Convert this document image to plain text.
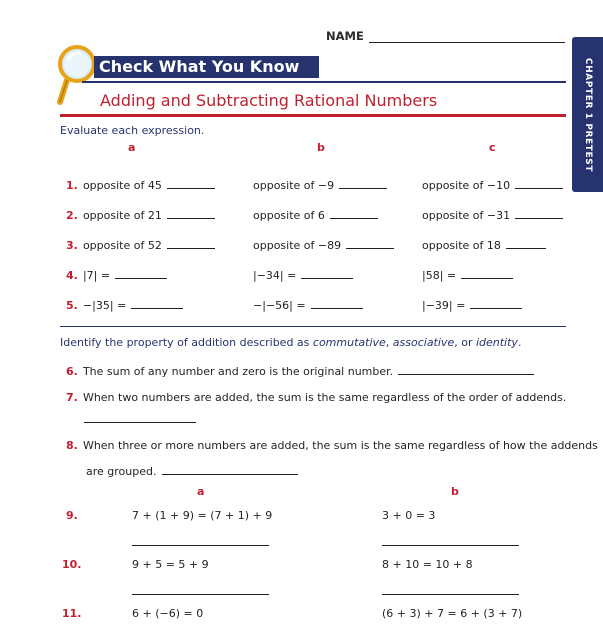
NAME
CHAPTER 1 PRETEST
Check What You Know
Adding and Subtracting Rational Numbers
Evaluate each expression.
a	b	c
1. opposite of 45	opposite of −9	opposite of −10
2. opposite of 21	opposite of 6	opposite of −31
3. opposite of 52	opposite of −89	opposite of 18
4. |7| =	|−34| =	|58| =
5. −|35| =	−|−56| =	|−39| =
Identify the property of addition described as commutative, associative, or identity.
6. The sum of any number and zero is the original number.
7. When two numbers are added, the sum is the same regardless of the order of addends.
8. When three or more numbers are added, the sum is the same regardless of how the addends
are grouped.
a	b
9.	7 + (1 + 9) = (7 + 1) + 9	3 + 0 = 3
10.	9 + 5 = 5 + 9	8 + 10 = 10 + 8
11.	6 + (−6) = 0	(6 + 3) + 7 = 6 + (3 + 7)
